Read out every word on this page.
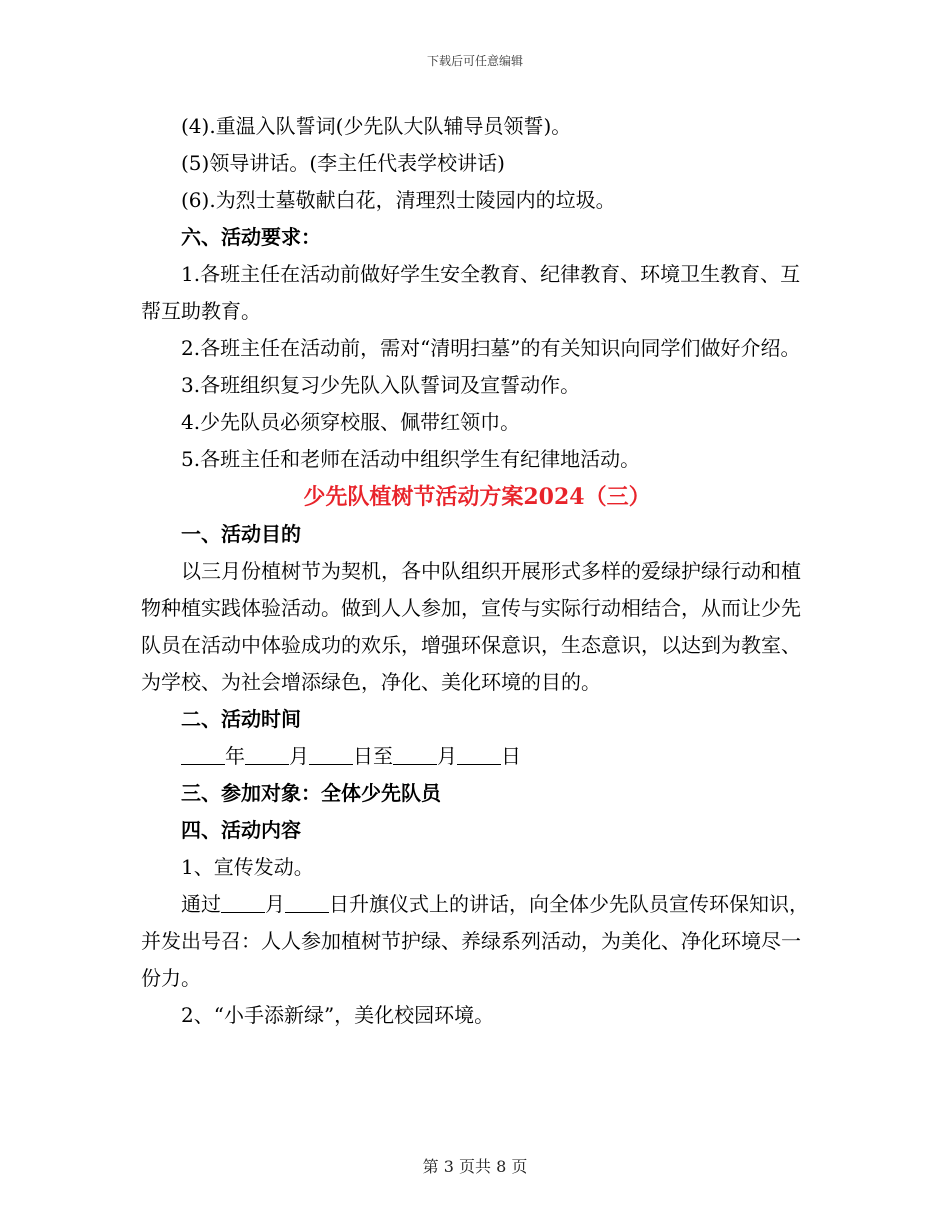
下载后可任意编辑

(4).重温入队誓词(少先队大队辅导员领誓)。

(5)领导讲话。(李主任代表学校讲话)

(6).为烈士墓敬献白花，清理烈士陵园内的垃圾。

六、活动要求：

1.各班主任在活动前做好学生安全教育、纪律教育、环境卫生教育、互帮互助教育。

2.各班主任在活动前，需对“清明扫墓”的有关知识向同学们做好介绍。

3.各班组织复习少先队入队誓词及宣誓动作。

4.少先队员必须穿校服、佩带红领巾。

5.各班主任和老师在活动中组织学生有纪律地活动。

少先队植树节活动方案2024（三）

一、活动目的

以三月份植树节为契机，各中队组织开展形式多样的爱绿护绿行动和植物种植实践体验活动。做到人人参加，宣传与实际行动相结合，从而让少先队员在活动中体验成功的欢乐，增强环保意识，生态意识，以达到为教室、为学校、为社会增添绿色，净化、美化环境的目的。

二、活动时间

年 月 日至 月 日

三、参加对象：全体少先队员

四、活动内容

1、宣传发动。

通过 月 日升旗仪式上的讲话，向全体少先队员宣传环保知识，并发出号召：人人参加植树节护绿、养绿系列活动，为美化、净化环境尽一份力。

2、“小手添新绿”，美化校园环境。

第 3 页共 8 页
